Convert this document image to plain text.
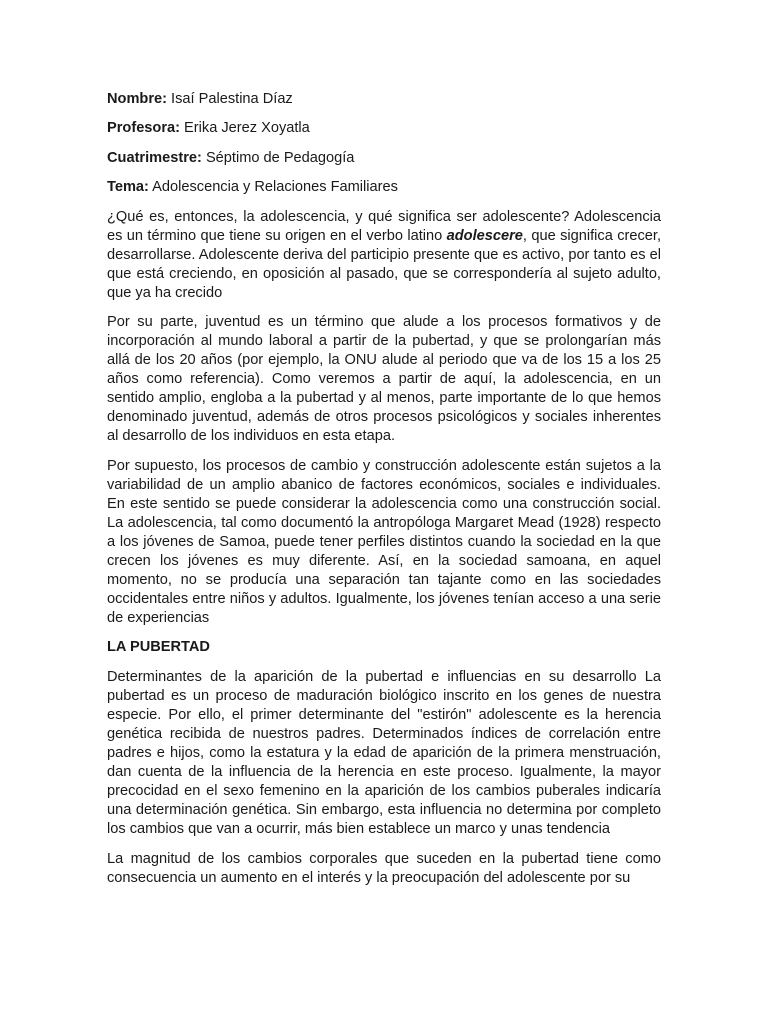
Nombre: Isaí Palestina Díaz
Profesora: Erika Jerez Xoyatla
Cuatrimestre: Séptimo de Pedagogía
Tema: Adolescencia y Relaciones Familiares

¿Qué es, entonces, la adolescencia, y qué significa ser adolescente? Adolescencia es un término que tiene su origen en el verbo latino adolescere, que significa crecer, desarrollarse. Adolescente deriva del participio presente que es activo, por tanto es el que está creciendo, en oposición al pasado, que se correspondería al sujeto adulto, que ya ha crecido

Por su parte, juventud es un término que alude a los procesos formativos y de incorporación al mundo laboral a partir de la pubertad, y que se prolongarían más allá de los 20 años (por ejemplo, la ONU alude al periodo que va de los 15 a los 25 años como referencia). Como veremos a partir de aquí, la adolescencia, en un sentido amplio, engloba a la pubertad y al menos, parte importante de lo que hemos denominado juventud, además de otros procesos psicológicos y sociales inherentes al desarrollo de los individuos en esta etapa.

Por supuesto, los procesos de cambio y construcción adolescente están sujetos a la variabilidad de un amplio abanico de factores económicos, sociales e individuales. En este sentido se puede considerar la adolescencia como una construcción social. La adolescencia, tal como documentó la antropóloga Margaret Mead (1928) respecto a los jóvenes de Samoa, puede tener perfiles distintos cuando la sociedad en la que crecen los jóvenes es muy diferente. Así, en la sociedad samoana, en aquel momento, no se producía una separación tan tajante como en las sociedades occidentales entre niños y adultos. Igualmente, los jóvenes tenían acceso a una serie de experiencias

LA PUBERTAD

Determinantes de la aparición de la pubertad e influencias en su desarrollo La pubertad es un proceso de maduración biológico inscrito en los genes de nuestra especie. Por ello, el primer determinante del "estirón" adolescente es la herencia genética recibida de nuestros padres. Determinados índices de correlación entre padres e hijos, como la estatura y la edad de aparición de la primera menstruación, dan cuenta de la influencia de la herencia en este proceso. Igualmente, la mayor precocidad en el sexo femenino en la aparición de los cambios puberales indicaría una determinación genética. Sin embargo, esta influencia no determina por completo los cambios que van a ocurrir, más bien establece un marco y unas tendencia

La magnitud de los cambios corporales que suceden en la pubertad tiene como consecuencia un aumento en el interés y la preocupación del adolescente por su
